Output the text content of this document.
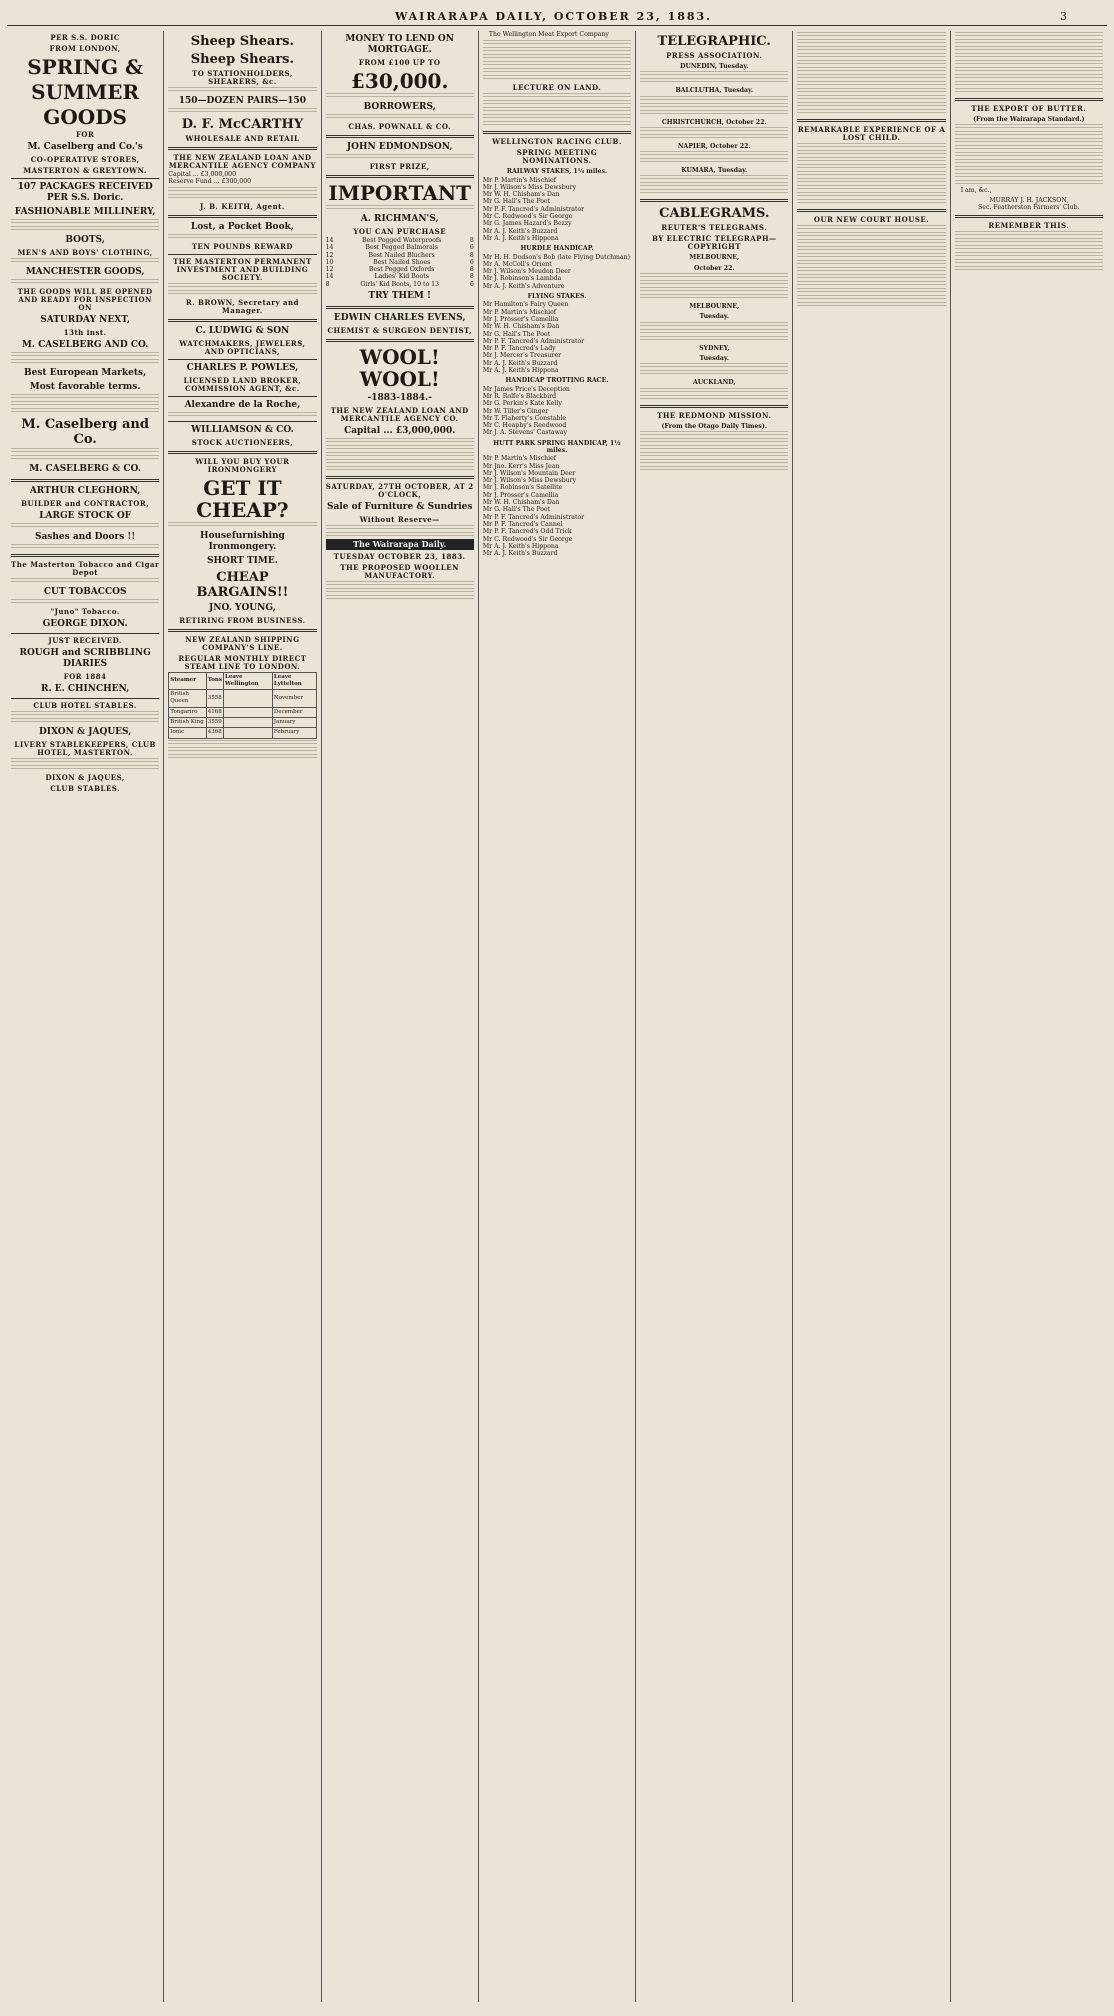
WAIRARAPA DAILY, OCTOBER 23, 1883.	3
PER S.S. DORIC
FROM LONDON,
SPRING &
SUMMER
GOODS
FOR
M. Caselberg and Co.'s
CO-OPERATIVE STORES,
MASTERTON & GREYTOWN.
107 PACKAGES RECEIVED PER S.S. Doric.
FASHIONABLE MILLINERY,
BOOTS,
MEN'S AND BOYS' CLOTHING,
MANCHESTER GOODS,
THE GOODS WILL BE OPENED AND READY FOR INSPECTION ON
SATURDAY NEXT,
13th inst.
M. CASELBERG AND CO.
Best European Markets,
Most favorable terms.
M. Caselberg and Co.
M. CASELBERG & CO.
ARTHUR CLEGHORN,
BUILDER and CONTRACTOR,
LARGE STOCK OF
Sashes and Doors !!
The Masterton Tobacco and Cigar Depot
CUT TOBACCOS
"Juno" Tobacco.
GEORGE DIXON.
JUST RECEIVED.
ROUGH and SCRIBBLING DIARIES
FOR 1884
R. E. CHINCHEN,
CLUB HOTEL STABLES.
DIXON & JAQUES,
LIVERY STABLEKEEPERS, CLUB HOTEL, MASTERTON.
DIXON & JAQUES,
CLUB STABLES.
Sheep Shears.
Sheep Shears.
TO STATIONHOLDERS, SHEARERS, &c.
150—DOZEN PAIRS—150
D. F. McCARTHY
WHOLESALE AND RETAIL
THE NEW ZEALAND LOAN AND MERCANTILE AGENCY COMPANY
Capital ... £3,000,000
Reserve Fund ... £300,000
J. B. KEITH, Agent.
Lost, a Pocket Book,
TEN POUNDS REWARD
THE MASTERTON PERMANENT INVESTMENT AND BUILDING SOCIETY.
R. BROWN, Secretary and Manager.
C. LUDWIG & SON
WATCHMAKERS, JEWELERS, AND OPTICIANS,
CHARLES P. POWLES,
LICENSED LAND BROKER, COMMISSION AGENT, &c.
Alexandre de la Roche,
WILLIAMSON & CO.
STOCK AUCTIONEERS,
WILL YOU BUY YOUR IRONMONGERY
GET IT CHEAP?
Housefurnishing Ironmongery.
SHORT TIME.
CHEAP BARGAINS!!
JNO. YOUNG,
RETIRING FROM BUSINESS.
NEW ZEALAND SHIPPING COMPANY'S LINE.
REGULAR MONTHLY DIRECT STEAM LINE TO LONDON.
Steamer	Tons	Leave Wellington	Leave Lyttelton
British Queen	3558		November
Tongariro	4168		December
British King	3559		January
Ionic	4368		February
MONEY TO LEND ON MORTGAGE.
FROM £100 UP TO
£30,000.
BORROWERS,
CHAS. POWNALL & CO.
JOHN EDMONDSON,
FIRST PRIZE,
IMPORTANT
A. RICHMAN'S,
YOU CAN PURCHASE
14	Best Pegged Waterproofs	8
14	Best Pegged Balmorals	6
12	Best Nailed Bluchers	8
10	Best Nailed Shoes	6
12	Best Pegged Oxfords	8
14	Ladies' Kid Boots	8
8	Girls' Kid Boots, 10 to 13	6
TRY THEM !
EDWIN CHARLES EVENS,
CHEMIST & SURGEON DENTIST,
WOOL! WOOL!
-1883-1884.-
THE NEW ZEALAND LOAN AND MERCANTILE AGENCY CO.
Capital ... £3,000,000.
SATURDAY, 27TH OCTOBER, AT 2 O'CLOCK,
Sale of Furniture & Sundries
Without Reserve—
The Wairarapa Daily.
TUESDAY OCTOBER 23, 1883.
THE PROPOSED WOOLLEN MANUFACTORY.
The Wellington Meat Export Company
LECTURE ON LAND.
WELLINGTON RACING CLUB.
SPRING MEETING NOMINATIONS.
RAILWAY STAKES, 1¼ miles.
Mr P. Martin's Mischief
Mr J. Wilson's Miss Dewsbury
Mr W. H. Chisham's Dan
Mr G. Hall's The Poet
Mr P. F. Tancred's Administrator
Mr C. Redwood's Sir George
Mr G. James Hazard's Bezzy
Mr A. J. Keith's Buzzard
Mr A. J. Keith's Hippona
HURDLE HANDICAP.
Mr H. H. Dodson's Bob (late Flying Dutchman)
Mr A. McColl's Orient
Mr J. Wilson's Meudon Deer
Mr J. Robinson's Lambda
Mr A. J. Keith's Adventure
FLYING STAKES.
Mr Hamilton's Fairy Queen
Mr P. Martin's Mischief
Mr J. Prosser's Camellia
Mr W. H. Chisham's Dan
Mr G. Hall's The Poet
Mr P. F. Tancred's Administrator
Mr P. F. Tancred's Lady
Mr J. Mercer's Treasurer
Mr A. J. Keith's Buzzard
Mr A. J. Keith's Hippona
HANDICAP TROTTING RACE.
Mr James Price's Deception
Mr R. Rolfe's Blackbird
Mr G. Perkin's Kate Kelly
Mr W. Tiller's Ginger
Mr T. Flaherty's Constable
Mr C. Heaphy's Reedwood
Mr J. A. Stevens' Castaway
HUTT PARK SPRING HANDICAP, 1½ miles.
Mr P. Martin's Mischief
Mr Jno. Kerr's Miss Jean
Mr J. Wilson's Mountain Deer
Mr J. Wilson's Miss Dewsbury
Mr J. Robinson's Satellite
Mr J. Prosser's Camellia
Mr W. H. Chisham's Dan
Mr G. Hall's The Poet
Mr P. F. Tancred's Administrator
Mr P. F. Tancred's Cannel
Mr P. F. Tancred's Odd Trick
Mr C. Redwood's Sir George
Mr A. J. Keith's Hippona
Mr A. J. Keith's Buzzard
TELEGRAPHIC.
PRESS ASSOCIATION.
DUNEDIN, Tuesday.
BALCLUTHA, Tuesday.
CHRISTCHURCH, October 22.
NAPIER, October 22.
KUMARA, Tuesday.
CABLEGRAMS.
REUTER'S TELEGRAMS.
BY ELECTRIC TELEGRAPH—COPYRIGHT
MELBOURNE,
October 22.
MELBOURNE,
Tuesday.
SYDNEY,
Tuesday.
AUCKLAND,
THE REDMOND MISSION.
(From the Otago Daily Times).
REMARKABLE EXPERIENCE OF A LOST CHILD.
OUR NEW COURT HOUSE.
THE EXPORT OF BUTTER.
(From the Wairarapa Standard.)
I am, &c.,
MURRAY J. H. JACKSON,
Sec. Featherston Farmers' Club.
REMEMBER THIS.
